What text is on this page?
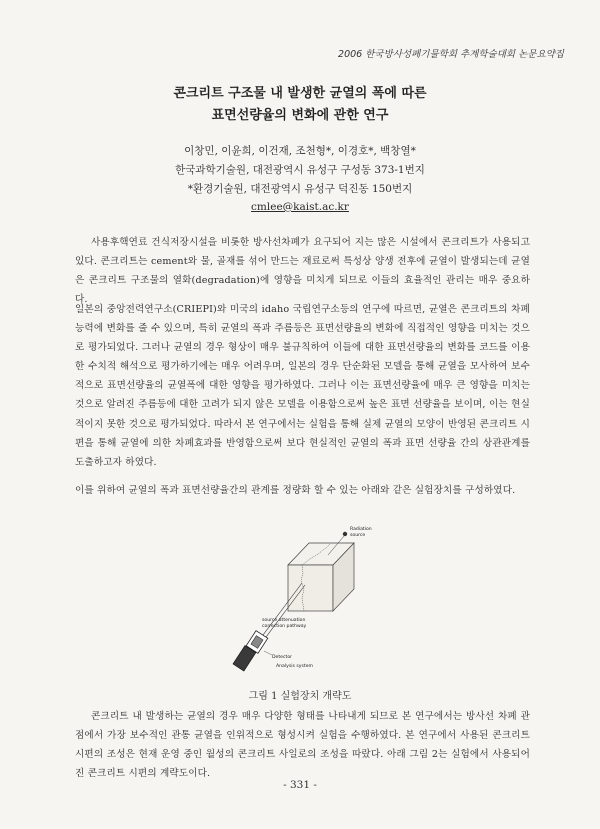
2006 한국방사성폐기물학회 추계학술대회 논문요약집
콘크리트 구조물 내 발생한 균열의 폭에 따른
표면선량율의 변화에 관한 연구
이창민, 이윤희, 이건재, 조천형*, 이경호*, 백창열*
한국과학기술원, 대전광역시 유성구 구성동 373-1번지
*환경기술원, 대전광역시 유성구 덕진동 150번지
cmlee@kaist.ac.kr

사용후핵연료 건식저장시설을 비롯한 방사선차폐가 요구되어 지는 많은 시설에서 콘크리트가 사용되고 있다. 콘크리트는 cement와 물, 골재를 섞어 만드는 재료로써 특성상 양생 전후에 균열이 발생되는데 균열은 콘크리트 구조물의 열화(degradation)에 영향을 미치게 되므로 이들의 효율적인 관리는 매우 중요하다.

일본의 중앙전력연구소(CRIEPI)와 미국의 idaho 국립연구소등의 연구에 따르면, 균열은 콘크리트의 차폐능력에 변화를 줄 수 있으며, 특히 균열의 폭과 주름등은 표면선량율의 변화에 직접적인 영향을 미치는 것으로 평가되었다. 그러나 균열의 경우 형상이 매우 불규칙하여 이들에 대한 표면선량율의 변화를 코드를 이용한 수치적 해석으로 평가하기에는 매우 어려우며, 일본의 경우 단순화된 모델을 통해 균열을 모사하여 보수적으로 표면선량율의 균열폭에 대한 영향을 평가하였다. 그러나 이는 표면선량율에 매우 큰 영향을 미치는 것으로 알려진 주름등에 대한 고려가 되지 않은 모델을 이용함으로써 높은 표면 선량율을 보이며, 이는 현실적이지 못한 것으로 평가되었다. 따라서 본 연구에서는 실험을 통해 실제 균열의 모양이 반영된 콘크리트 시편을 통해 균열에 의한 차폐효과를 반영함으로써 보다 현실적인 균열의 폭과 표면 선량율 간의 상관관계를 도출하고자 하였다.

이를 위하여 균열의 폭과 표면선량율간의 관계를 정량화 할 수 있는 아래와 같은 실험장치를 구성하였다.

Radiation
source
source attenuation
correction pathway
Detector
Analysis system
그림 1 실험장치 개략도

콘크리트 내 발생하는 균열의 경우 매우 다양한 형태를 나타내게 되므로 본 연구에서는 방사선 차폐 관점에서 가장 보수적인 관통 균열을 인위적으로 형성시켜 실험을 수행하였다. 본 연구에서 사용된 콘크리트 시편의 조성은 현재 운영 중인 월성의 콘크리트 사일로의 조성을 따랐다. 아래 그림 2는 실험에서 사용되어진 콘크리트 시편의 계략도이다.

- 331 -
